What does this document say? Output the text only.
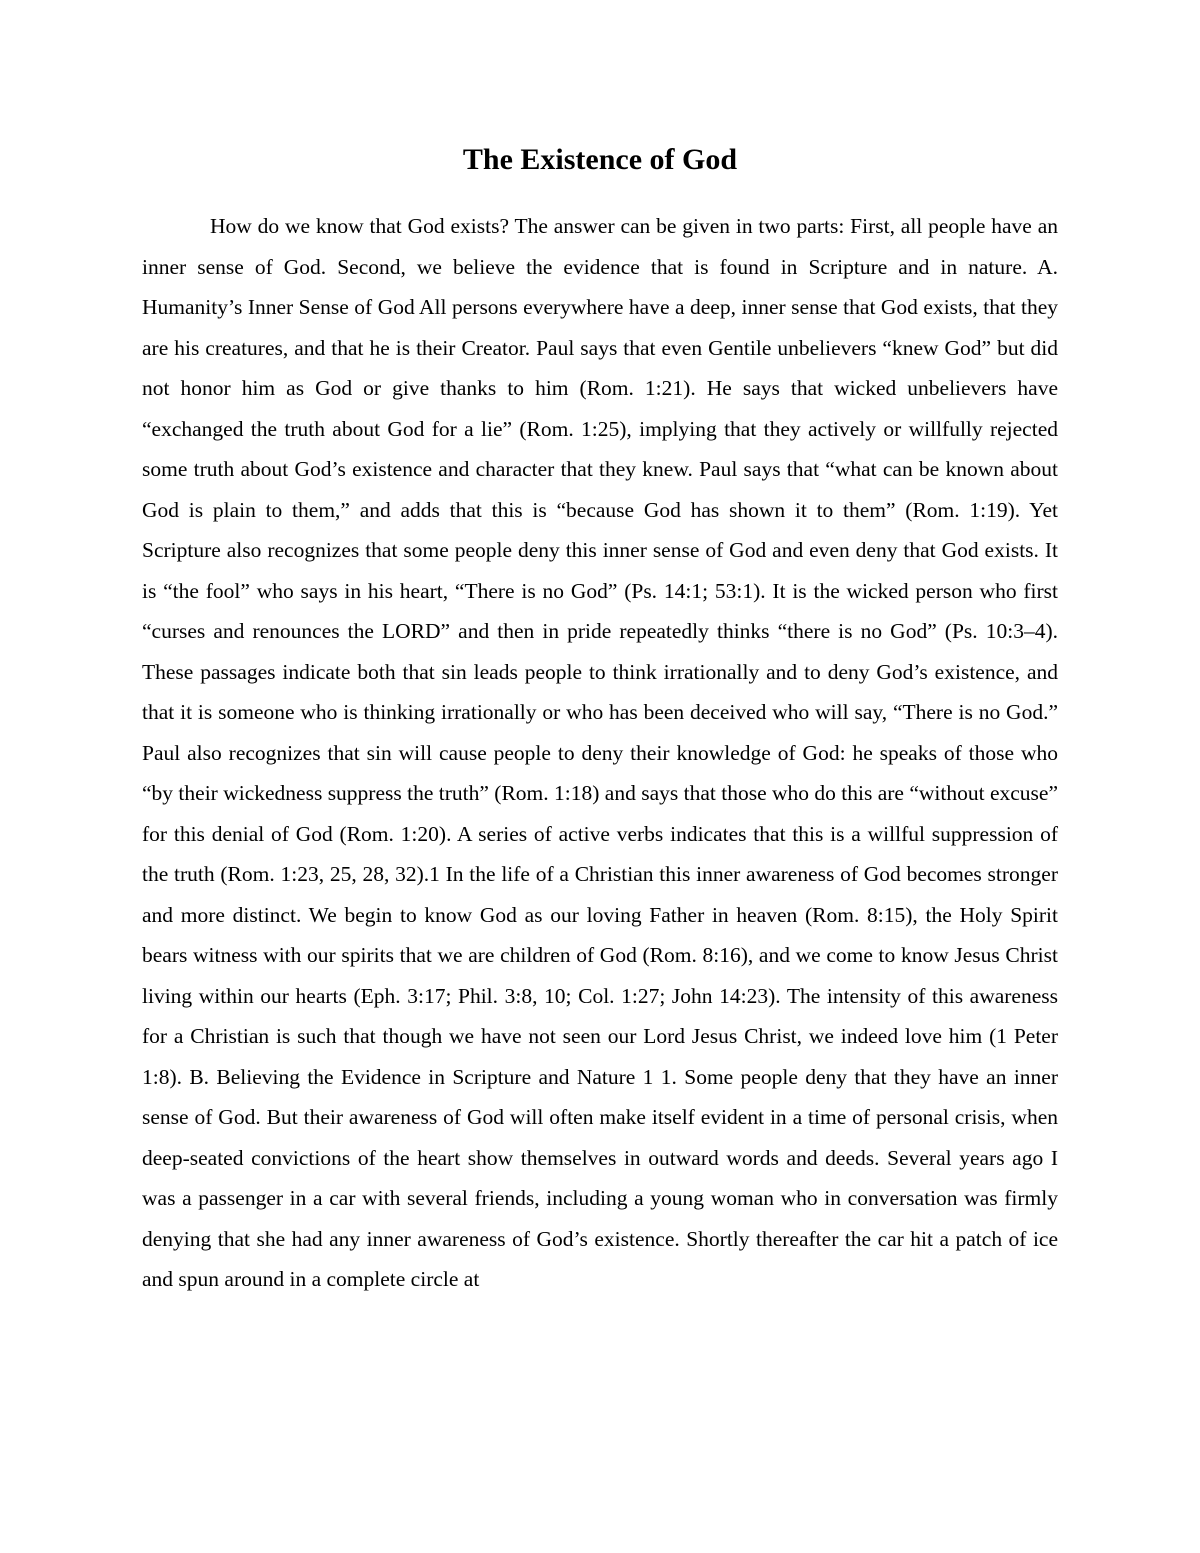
The Existence of God

How do we know that God exists? The answer can be given in two parts: First, all people have an inner sense of God. Second, we believe the evidence that is found in Scripture and in nature. A. Humanity’s Inner Sense of God All persons everywhere have a deep, inner sense that God exists, that they are his creatures, and that he is their Creator. Paul says that even Gentile unbelievers “knew God” but did not honor him as God or give thanks to him (Rom. 1:21). He says that wicked unbelievers have “exchanged the truth about God for a lie” (Rom. 1:25), implying that they actively or willfully rejected some truth about God’s existence and character that they knew. Paul says that “what can be known about God is plain to them,” and adds that this is “because God has shown it to them” (Rom. 1:19). Yet Scripture also recognizes that some people deny this inner sense of God and even deny that God exists. It is “the fool” who says in his heart, “There is no God” (Ps. 14:1; 53:1). It is the wicked person who first “curses and renounces the LORD” and then in pride repeatedly thinks “there is no God” (Ps. 10:3–4). These passages indicate both that sin leads people to think irrationally and to deny God’s existence, and that it is someone who is thinking irrationally or who has been deceived who will say, “There is no God.” Paul also recognizes that sin will cause people to deny their knowledge of God: he speaks of those who “by their wickedness suppress the truth” (Rom. 1:18) and says that those who do this are “without excuse” for this denial of God (Rom. 1:20). A series of active verbs indicates that this is a willful suppression of the truth (Rom. 1:23, 25, 28, 32).1 In the life of a Christian this inner awareness of God becomes stronger and more distinct. We begin to know God as our loving Father in heaven (Rom. 8:15), the Holy Spirit bears witness with our spirits that we are children of God (Rom. 8:16), and we come to know Jesus Christ living within our hearts (Eph. 3:17; Phil. 3:8, 10; Col. 1:27; John 14:23). The intensity of this awareness for a Christian is such that though we have not seen our Lord Jesus Christ, we indeed love him (1 Peter 1:8). B. Believing the Evidence in Scripture and Nature 1 1. Some people deny that they have an inner sense of God. But their awareness of God will often make itself evident in a time of personal crisis, when deep-seated convictions of the heart show themselves in outward words and deeds. Several years ago I was a passenger in a car with several friends, including a young woman who in conversation was firmly denying that she had any inner awareness of God’s existence. Shortly thereafter the car hit a patch of ice and spun around in a complete circle at
